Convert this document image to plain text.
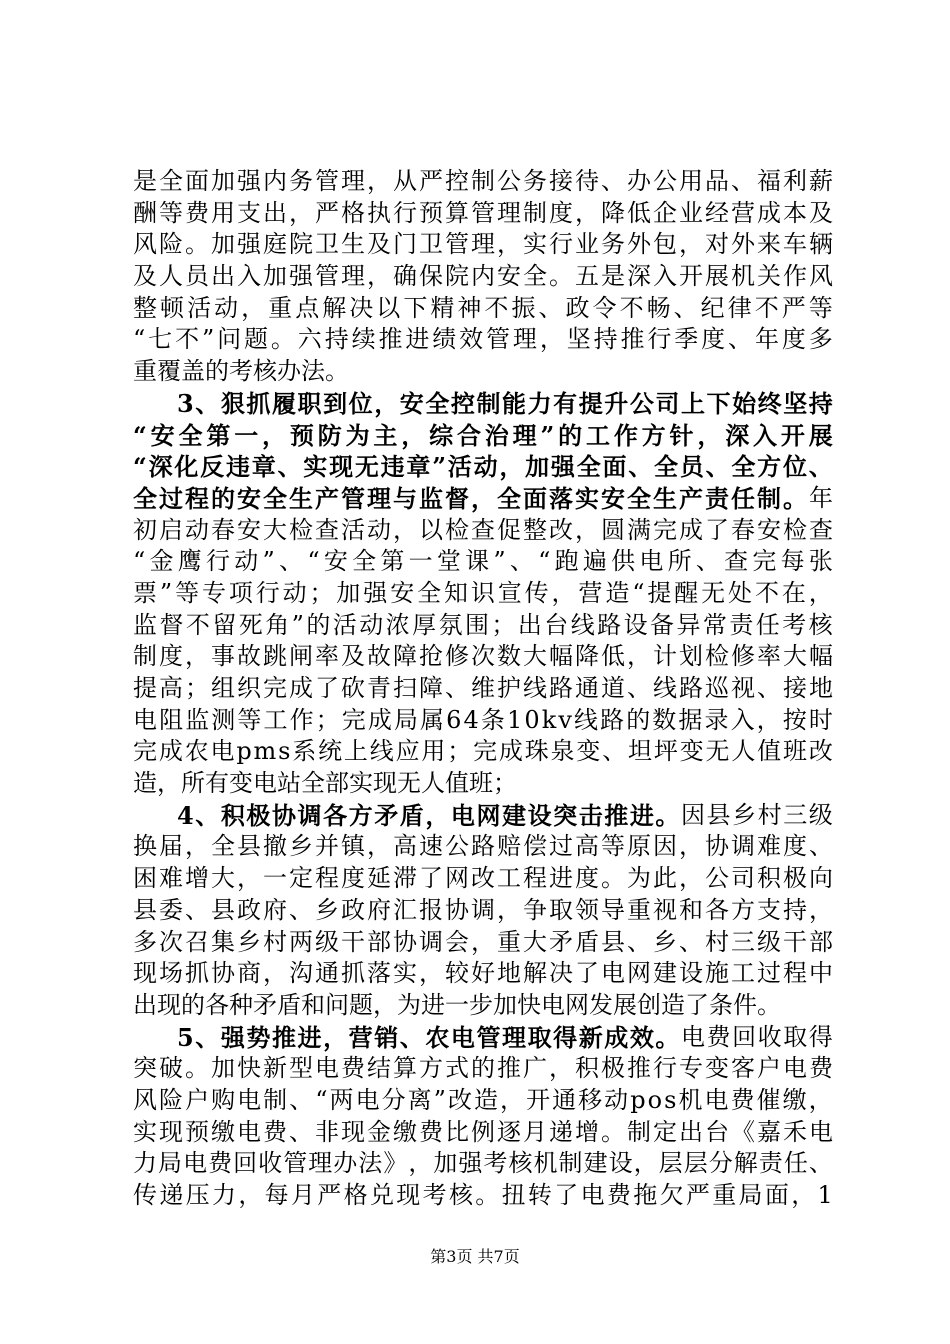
是 全 面 加 强 内 务 管 理 ， 从 严 控 制 公 务 接 待 、 办 公 用 品 、 福 利 薪
酬 等 费 用 支 出 ， 严 格 执 行 预 算 管 理 制 度 ， 降 低 企 业 经 营 成 本 及
风 险 。 加 强 庭 院 卫 生 及 门 卫 管 理 ， 实 行 业 务 外 包 ， 对 外 来 车 辆
及 人 员 出 入 加 强 管 理 ， 确 保 院 内 安 全 。 五 是 深 入 开 展 机 关 作 风
整 顿 活 动 ， 重 点 解 决 以 下 精 神 不 振 、 政 令 不 畅 、 纪 律 不 严 等
“ 七 不 ” 问 题 。 六 持 续 推 进 绩 效 管 理 ， 坚 持 推 行 季 度 、 年 度 多
重 覆 盖 的 考 核 办 法 。
3 、 狠 抓 履 职 到 位 ， 安 全 控 制 能 力 有 提 升 公 司 上 下 始 终 坚 持
“ 安 全 第 一 ， 预 防 为 主 ， 综 合 治 理 ” 的 工 作 方 针 ， 深 入 开 展
“ 深 化 反 违 章 、 实 现 无 违 章 ” 活 动 ， 加 强 全 面 、 全 员 、 全 方 位 、
全 过 程 的 安 全 生 产 管 理 与 监 督 ， 全 面 落 实 安 全 生 产 责 任 制 。 年
初 启 动 春 安 大 检 查 活 动 ， 以 检 查 促 整 改 ， 圆 满 完 成 了 春 安 检 查
“ 金 鹰 行 动 ” 、 “ 安 全 第 一 堂 课 ” 、 “ 跑 遍 供 电 所 、 查 完 每 张
票 ” 等 专 项 行 动 ； 加 强 安 全 知 识 宣 传 ， 营 造 “ 提 醒 无 处 不 在 ，
监 督 不 留 死 角 ” 的 活 动 浓 厚 氛 围 ； 出 台 线 路 设 备 异 常 责 任 考 核
制 度 ， 事 故 跳 闸 率 及 故 障 抢 修 次 数 大 幅 降 低 ， 计 划 检 修 率 大 幅
提 高 ； 组 织 完 成 了 砍 青 扫 障 、 维 护 线 路 通 道 、 线 路 巡 视 、 接 地
电 阻 监 测 等 工 作 ； 完 成 局 属 6 4 条 1 0 k v 线 路 的 数 据 录 入 ， 按 时
完 成 农 电 p m s 系 统 上 线 应 用 ； 完 成 珠 泉 变 、 坦 坪 变 无 人 值 班 改
造 ， 所 有 变 电 站 全 部 实 现 无 人 值 班 ；
4 、 积 极 协 调 各 方 矛 盾 ， 电 网 建 设 突 击 推 进 。 因 县 乡 村 三 级
换 届 ， 全 县 撤 乡 并 镇 ， 高 速 公 路 赔 偿 过 高 等 原 因 ， 协 调 难 度 、
困 难 增 大 ， 一 定 程 度 延 滞 了 网 改 工 程 进 度 。 为 此 ， 公 司 积 极 向
县 委 、 县 政 府 、 乡 政 府 汇 报 协 调 ， 争 取 领 导 重 视 和 各 方 支 持 ，
多 次 召 集 乡 村 两 级 干 部 协 调 会 ， 重 大 矛 盾 县 、 乡 、 村 三 级 干 部
现 场 抓 协 商 ， 沟 通 抓 落 实 ， 较 好 地 解 决 了 电 网 建 设 施 工 过 程 中
出 现 的 各 种 矛 盾 和 问 题 ， 为 进 一 步 加 快 电 网 发 展 创 造 了 条 件 。
5 、 强 势 推 进 ， 营 销 、 农 电 管 理 取 得 新 成 效 。 电 费 回 收 取 得
突 破 。 加 快 新 型 电 费 结 算 方 式 的 推 广 ， 积 极 推 行 专 变 客 户 电 费
风 险 户 购 电 制 、 “ 两 电 分 离 ” 改 造 ， 开 通 移 动 p o s 机 电 费 催 缴 ，
实 现 预 缴 电 费 、 非 现 金 缴 费 比 例 逐 月 递 增 。 制 定 出 台 《 嘉 禾 电
力 局 电 费 回 收 管 理 办 法 》 ， 加 强 考 核 机 制 建 设 ， 层 层 分 解 责 任 、
传 递 压 力 ， 每 月 严 格 兑 现 考 核 。 扭 转 了 电 费 拖 欠 严 重 局 面 ， 1
第3页 共7页
